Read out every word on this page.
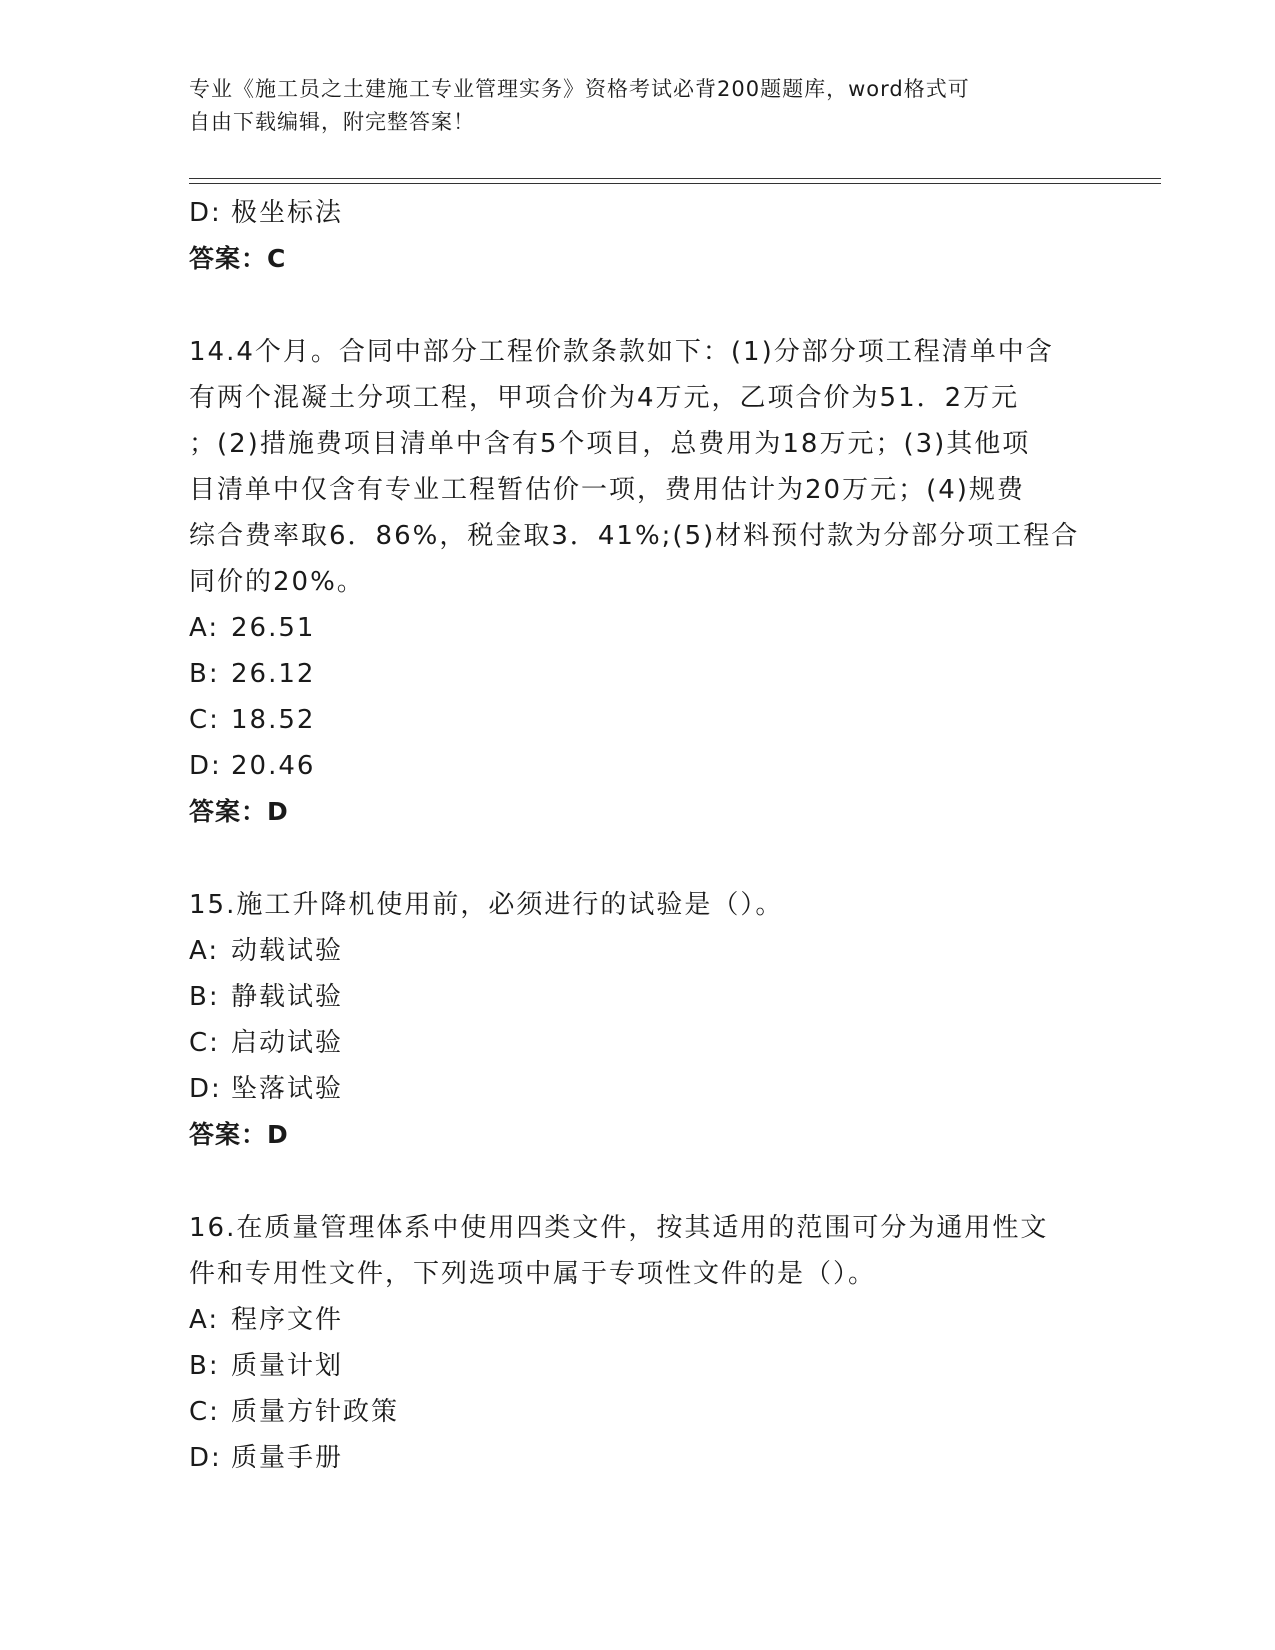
专业《施工员之土建施工专业管理实务》资格考试必背200题题库，word格式可
自由下载编辑，附完整答案！
D: 极坐标法
答案：C
14.4个月。合同中部分工程价款条款如下：(1)分部分项工程清单中含
有两个混凝土分项工程，甲项合价为4万元，乙项合价为51．2万元
；(2)措施费项目清单中含有5个项目，总费用为18万元；(3)其他项
目清单中仅含有专业工程暂估价一项，费用估计为20万元；(4)规费
综合费率取6．86%，税金取3．41%;(5)材料预付款为分部分项工程合
同价的20%。
A: 26.51
B: 26.12
C: 18.52
D: 20.46
答案：D
15.施工升降机使用前，必须进行的试验是（）。
A: 动载试验
B: 静载试验
C: 启动试验
D: 坠落试验
答案：D
16.在质量管理体系中使用四类文件，按其适用的范围可分为通用性文
件和专用性文件，下列选项中属于专项性文件的是（）。
A: 程序文件
B: 质量计划
C: 质量方针政策
D: 质量手册
